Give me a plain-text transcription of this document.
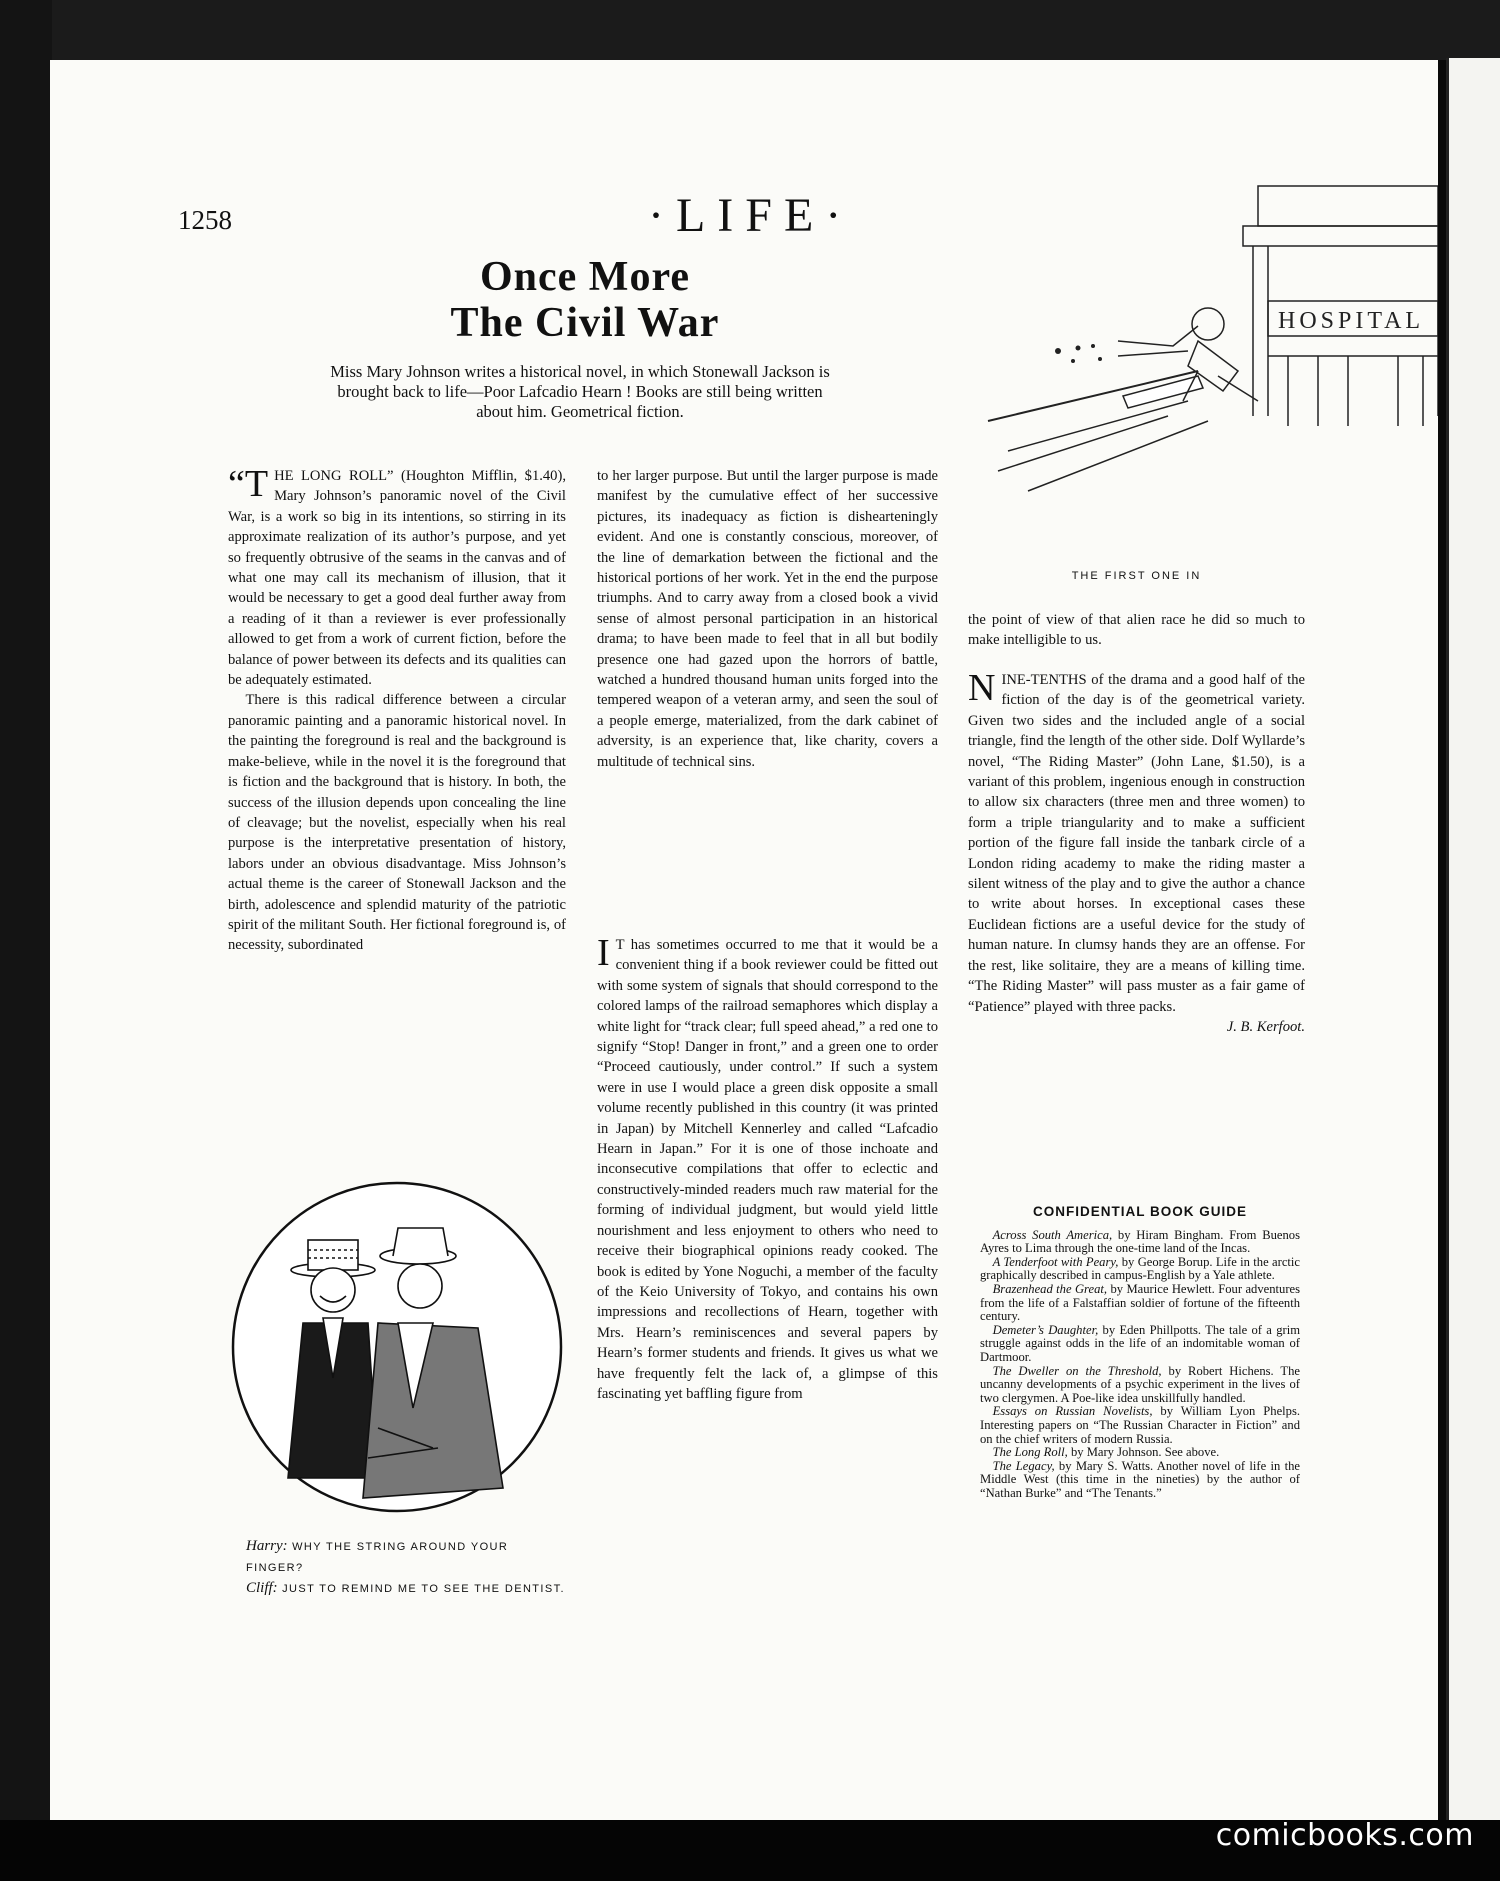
comicbooks.com
1258	·LIFE·
Once More
The Civil War
Miss Mary Johnson writes a historical novel, in which Stonewall Jackson is brought back to life—Poor Lafcadio Hearn ! Books are still being written about him. Geometrical fiction.

“THE LONG ROLL” (Houghton Mifflin, $1.40), Mary Johnson’s panoramic novel of the Civil War, is a work so big in its intentions, so stirring in its approximate realization of its author’s purpose, and yet so frequently obtrusive of the seams in the canvas and of what one may call its mechanism of illusion, that it would be necessary to get a good deal further away from a reading of it than a reviewer is ever professionally allowed to get from a work of current fiction, before the balance of power between its defects and its qualities can be adequately estimated.

There is this radical difference between a circular panoramic painting and a panoramic historical novel. In the painting the foreground is real and the background is make-believe, while in the novel it is the foreground that is fiction and the background that is history. In both, the success of the illusion depends upon concealing the line of cleavage; but the novelist, especially when his real purpose is the interpretative presentation of history, labors under an obvious disadvantage. Miss Johnson’s actual theme is the career of Stonewall Jackson and the birth, adolescence and splendid maturity of the patriotic spirit of the militant South. Her fictional foreground is, of necessity, subordinated

to her larger purpose. But until the larger purpose is made manifest by the cumulative effect of her successive pictures, its inadequacy as fiction is dishearteningly evident. And one is constantly conscious, moreover, of the line of demarkation between the fictional and the historical portions of her work. Yet in the end the purpose triumphs. And to carry away from a closed book a vivid sense of almost personal participation in an historical drama; to have been made to feel that in all but bodily presence one had gazed upon the horrors of battle, watched a hundred thousand human units forged into the tempered weapon of a veteran army, and seen the soul of a people emerge, materialized, from the dark cabinet of adversity, is an experience that, like charity, covers a multitude of technical sins.

I T has sometimes occurred to me that it would be a convenient thing if a book reviewer could be fitted out with some system of signals that should correspond to the colored lamps of the railroad semaphores which display a white light for “track clear; full speed ahead,” a red one to signify “Stop! Danger in front,” and a green one to order “Proceed cautiously, under control.” If such a system were in use I would place a green disk opposite a small volume recently published in this country (it was printed in Japan) by Mitchell Kennerley and called “Lafcadio Hearn in Japan.” For it is one of those inchoate and inconsecutive compilations that offer to eclectic and constructively-minded readers much raw material for the forming of individual judgment, but would yield little nourishment and less enjoyment to others who need to receive their biographical opinions ready cooked. The book is edited by Yone Noguchi, a member of the faculty of the Keio University of Tokyo, and contains his own impressions and recollections of Hearn, together with Mrs. Hearn’s reminiscences and several papers by Hearn’s former students and friends. It gives us what we have frequently felt the lack of, a glimpse of this fascinating yet baffling figure from

the point of view of that alien race he did so much to make intelligible to us.

NINE-TENTHS of the drama and a good half of the fiction of the day is of the geometrical variety. Given two sides and the included angle of a social triangle, find the length of the other side. Dolf Wyllarde’s novel, “The Riding Master” (John Lane, $1.50), is a variant of this problem, ingenious enough in construction to allow six characters (three men and three women) to form a triple triangularity and to make a sufficient portion of the figure fall inside the tanbark circle of a London riding academy to make the riding master a silent witness of the play and to give the author a chance to write about horses. In exceptional cases these Euclidean fictions are a useful device for the study of human nature. In clumsy hands they are an offense. For the rest, like solitaire, they are a means of killing time. “The Riding Master” will pass muster as a fair game of “Patience” played with three packs.

J. B. Kerfoot.

CONFIDENTIAL BOOK GUIDE

Across South America, by Hiram Bingham. From Buenos Ayres to Lima through the one-time land of the Incas.

A Tenderfoot with Peary, by George Borup. Life in the arctic graphically described in campus-English by a Yale athlete.

Brazenhead the Great, by Maurice Hewlett. Four adventures from the life of a Falstaffian soldier of fortune of the fifteenth century.

Demeter’s Daughter, by Eden Phillpotts. The tale of a grim struggle against odds in the life of an indomitable woman of Dartmoor.

The Dweller on the Threshold, by Robert Hichens. The uncanny developments of a psychic experiment in the lives of two clergymen. A Poe-like idea unskillfully handled.

Essays on Russian Novelists, by William Lyon Phelps. Interesting papers on “The Russian Character in Fiction” and on the chief writers of modern Russia.

The Long Roll, by Mary Johnson. See above.

The Legacy, by Mary S. Watts. Another novel of life in the Middle West (this time in the nineties) by the author of “Nathan Burke” and “The Tenants.”

HOSPITAL
THE FIRST ONE IN
Harry: WHY THE STRING AROUND YOUR FINGER?
Cliff: JUST TO REMIND ME TO SEE THE DENTIST.
